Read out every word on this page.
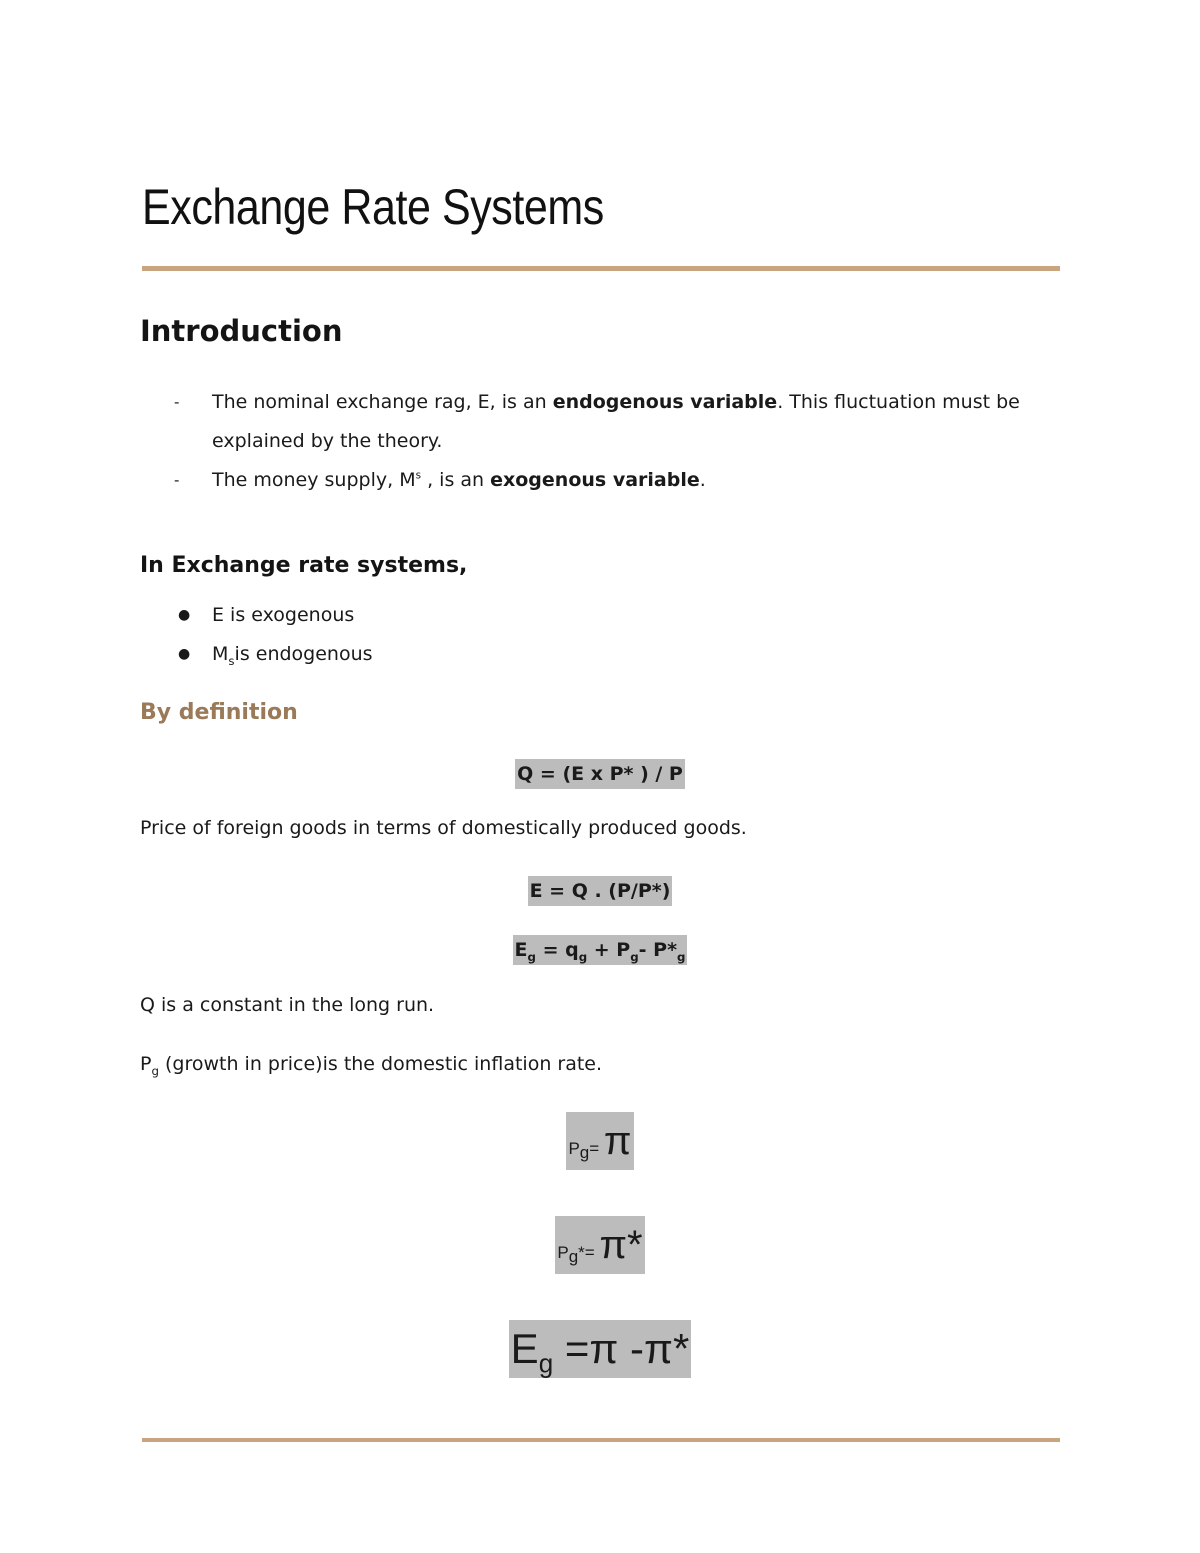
Exchange Rate Systems
Introduction
- The nominal exchange rag, E, is an endogenous variable. This fluctuation must be explained by the theory.
- The money supply, $M^s$ , is an exogenous variable.
In Exchange rate systems,
● E is exogenous
● $M_sis$ endogenous
By definition
Q = (E x P* ) / P

Price of foreign goods in terms of domestically produced goods.

E = Q . (P/P*)
$E_g = q_g + P_g-$ $P*_g$

Q is a constant in the long run.

$P_g$ (growth in price)is the domestic inflation rate.

$P_g= \pi$
$P_g*= \pi*$
$E_g =\pi$ -π*
